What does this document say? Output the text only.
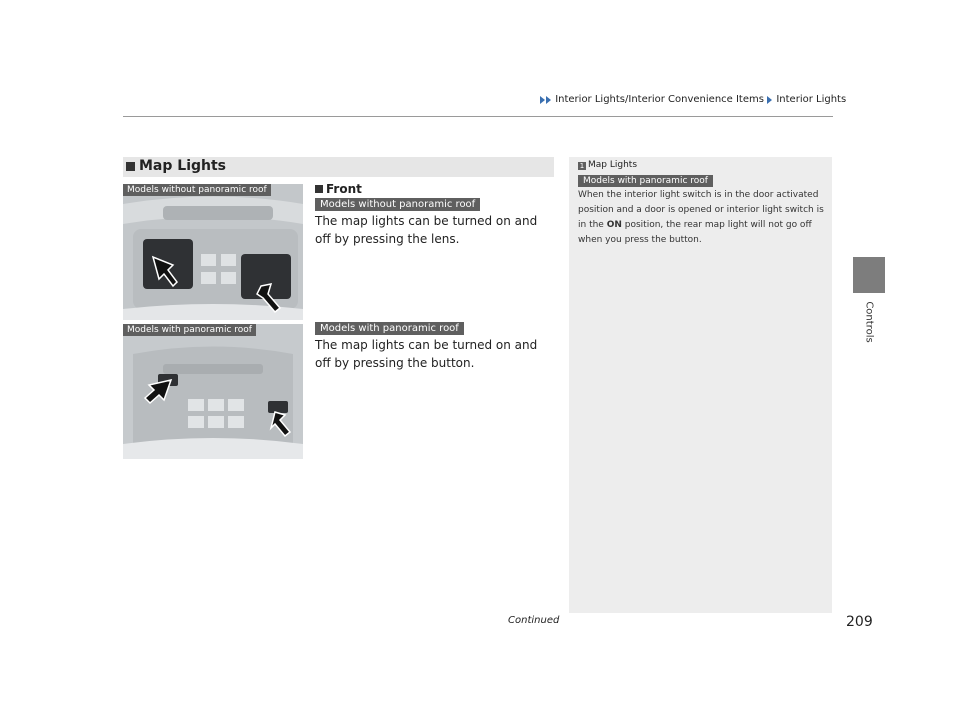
Interior Lights/Interior Convenience Items Interior Lights
Controls
Map Lights
Models without panoramic roof
Models with panoramic roof
Front
Models without panoramic roof
The map lights can be turned on and off by pressing the lens.
Models with panoramic roof
The map lights can be turned on and off by pressing the button.
1 Map Lights
Models with panoramic roof
When the interior light switch is in the door activated position and a door is opened or interior light switch is in the ON position, the rear map light will not go off when you press the button.
Continued	209
